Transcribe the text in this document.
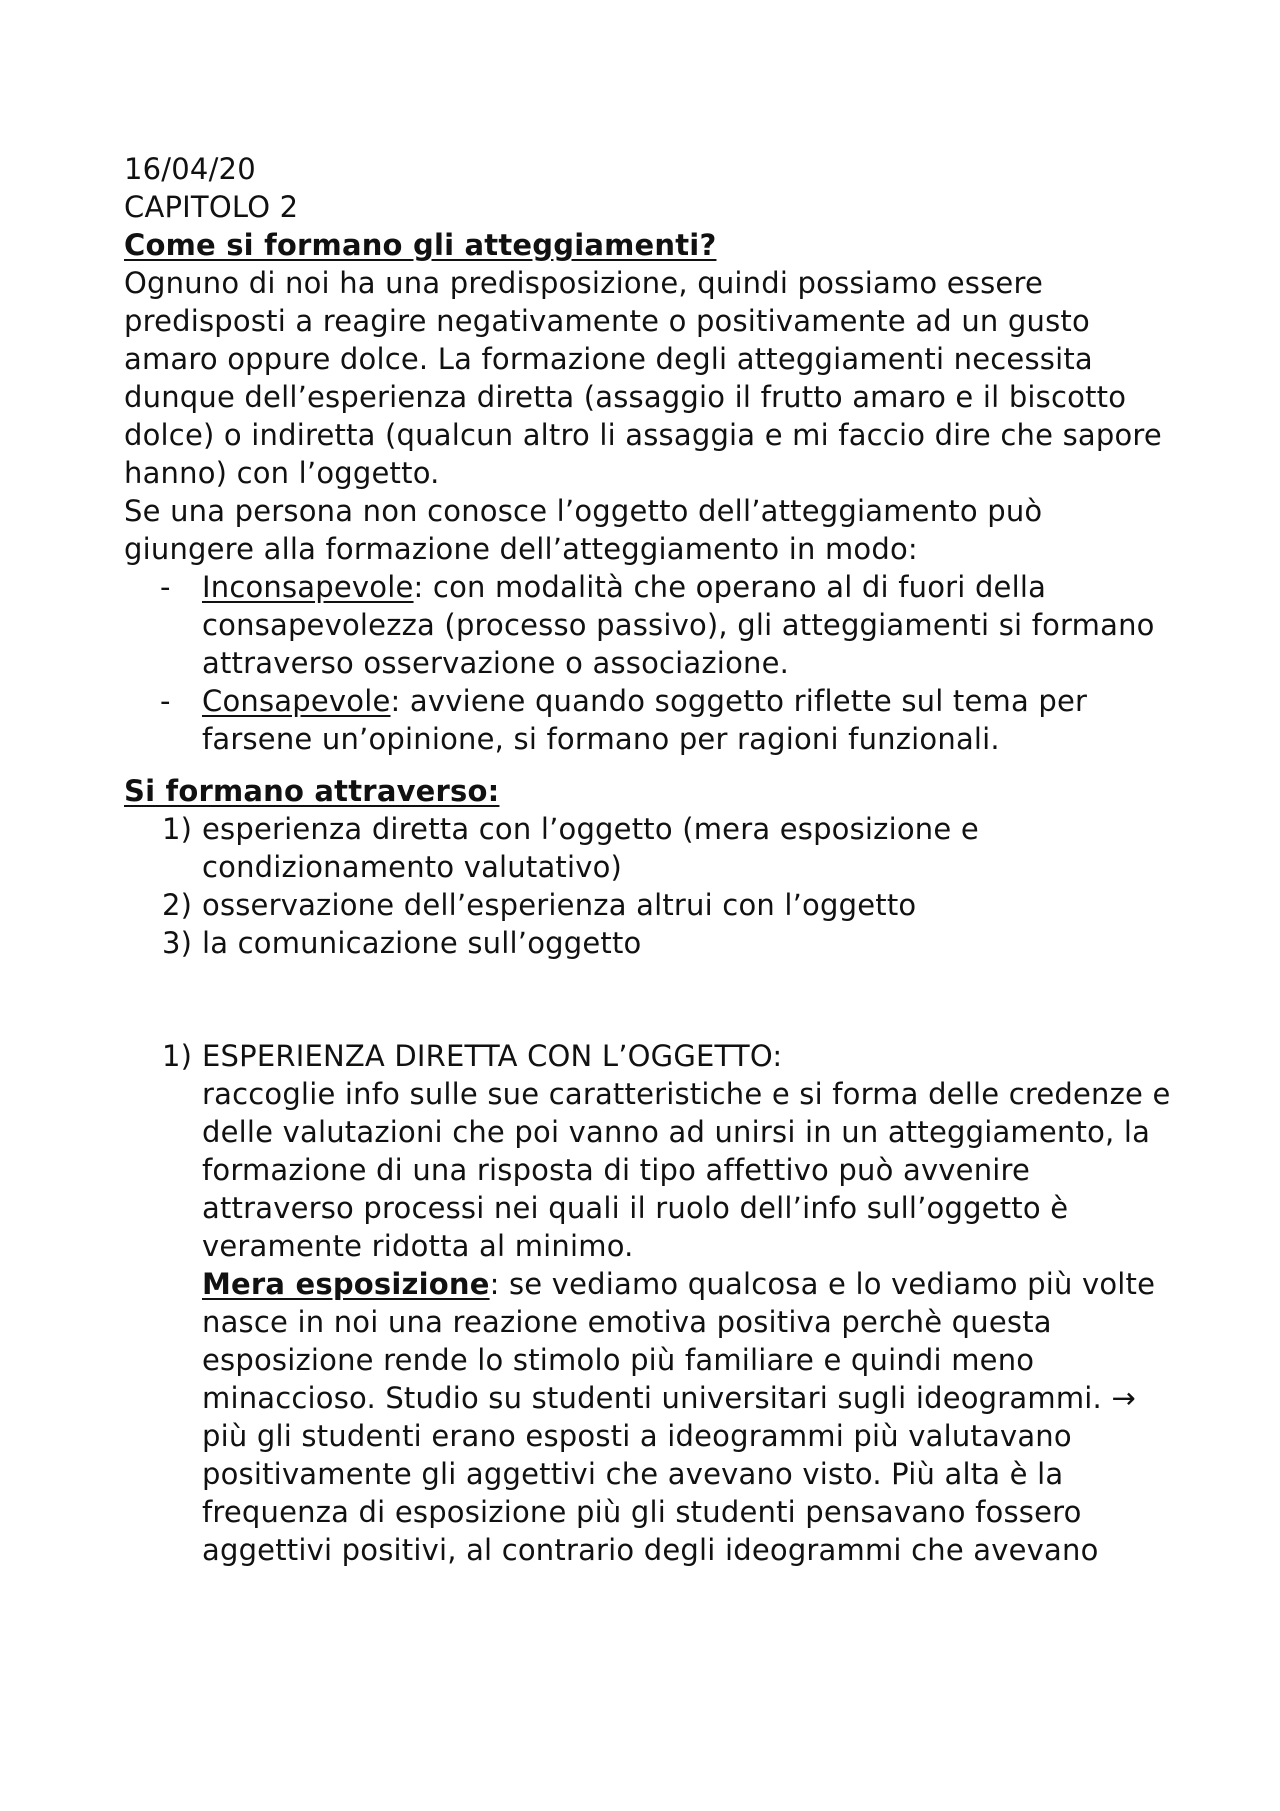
16/04/20

CAPITOLO 2

Come si formano gli atteggiamenti?

Ognuno di noi ha una predisposizione, quindi possiamo essere predisposti a reagire negativamente o positivamente ad un gusto amaro oppure dolce. La formazione degli atteggiamenti necessita dunque dell’esperienza diretta (assaggio il frutto amaro e il biscotto dolce) o indiretta (qualcun altro li assaggia e mi faccio dire che sapore hanno) con l’oggetto.

Se una persona non conosce l’oggetto dell’atteggiamento può giungere alla formazione dell’atteggiamento in modo:

- Inconsapevole: con modalità che operano al di fuori della consapevolezza (processo passivo), gli atteggiamenti si formano attraverso osservazione o associazione.
- Consapevole: avviene quando soggetto riflette sul tema per farsene un’opinione, si formano per ragioni funzionali.

Si formano attraverso:

1) esperienza diretta con l’oggetto (mera esposizione e condizionamento valutativo)
2) osservazione dell’esperienza altrui con l’oggetto
3) la comunicazione sull’oggetto
1) ESPERIENZA DIRETTA CON L’OGGETTO:
raccoglie info sulle sue caratteristiche e si forma delle credenze e delle valutazioni che poi vanno ad unirsi in un atteggiamento, la formazione di una risposta di tipo affettivo può avvenire attraverso processi nei quali il ruolo dell’info sull’oggetto è veramente ridotta al minimo.
Mera esposizione: se vediamo qualcosa e lo vediamo più volte nasce in noi una reazione emotiva positiva perchè questa esposizione rende lo stimolo più familiare e quindi meno minaccioso. Studio su studenti universitari sugli ideogrammi. → più gli studenti erano esposti a ideogrammi più valutavano positivamente gli aggettivi che avevano visto. Più alta è la frequenza di esposizione più gli studenti pensavano fossero aggettivi positivi, al contrario degli ideogrammi che avevano
